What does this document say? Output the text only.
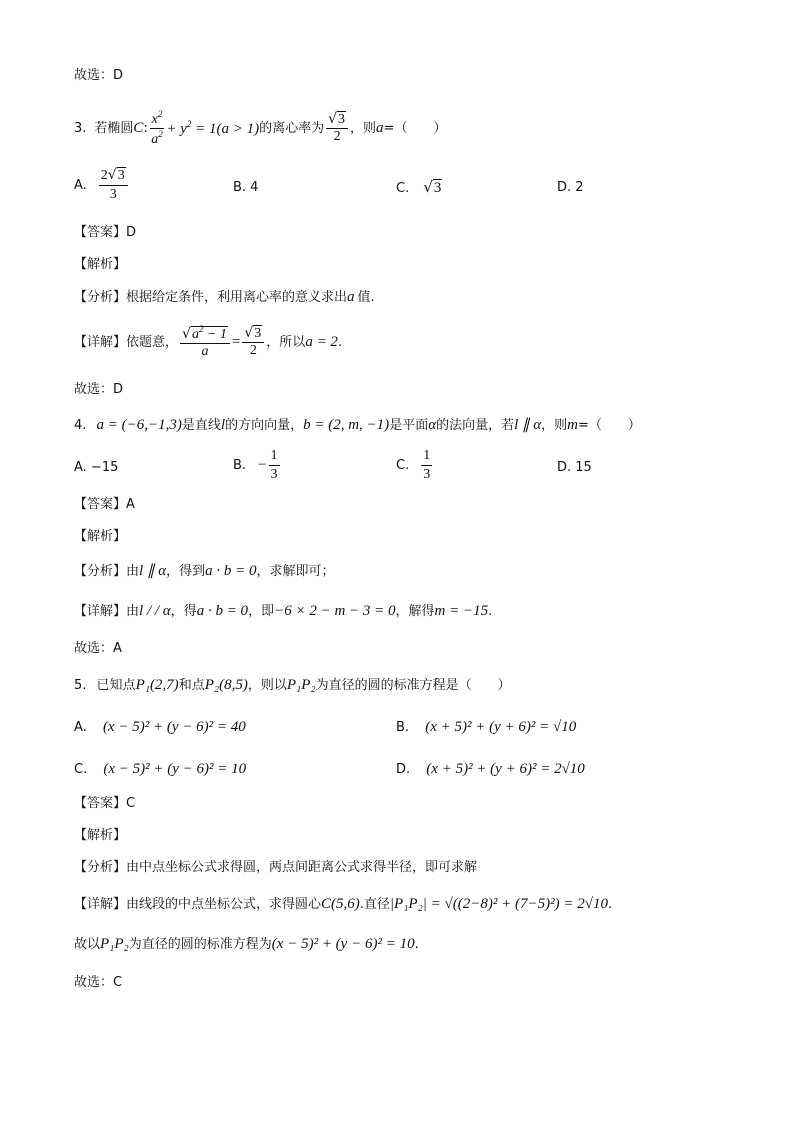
故选：D
3. 若椭圆 C : $\frac{x^2}{a^2} + y^2 = 1(a > 1)$ 的离心率为 $\frac{√3}{2}$ ，则 a =（　　）
A. $\frac{2√3}{3}$	B. 4	C. √3	D. 2
【答案】D
【解析】
【分析】根据给定条件，利用离心率的意义求出a 值.
【详解】 依题意， $\frac{√a^2 - 1}{a} = \frac{√3}{2}$ ，所以 a = 2 .
故选：D
4. a = (−6,−1,3)是直线l的方向向量，b = (2, m, −1)是平面α的法向量，若l ∥ α，则m=（　　）
A. −15	B. − $\frac{1}{3}$	C. $\frac{1}{3}$	D. 15
【答案】A
【解析】
【分析】由l ∥ α，得到a · b = 0，求解即可；
【详解】由l / / α，得a · b = 0，即−6 × 2 − m − 3 = 0，解得m = −15.
故选：A
5. 已知点P₁(2,7)和点P₂(8,5)，则以P₁P₂为直径的圆的标准方程是（　　）
A. (x − 5)² + (y − 6)² = 40	B. (x + 5)² + (y + 6)² = √10
C. (x − 5)² + (y − 6)² = 10	D. (x + 5)² + (y + 6)² = 2√10
【答案】C
【解析】
【分析】由中点坐标公式求得圆，两点间距离公式求得半径，即可求解
【详解】由线段的中点坐标公式，求得圆心C(5,6).直径|P₁P₂| = √((2−8)² + (7−5)²) = 2√10.
故以P₁P₂为直径的圆的标准方程为(x − 5)² + (y − 6)² = 10.
故选：C
